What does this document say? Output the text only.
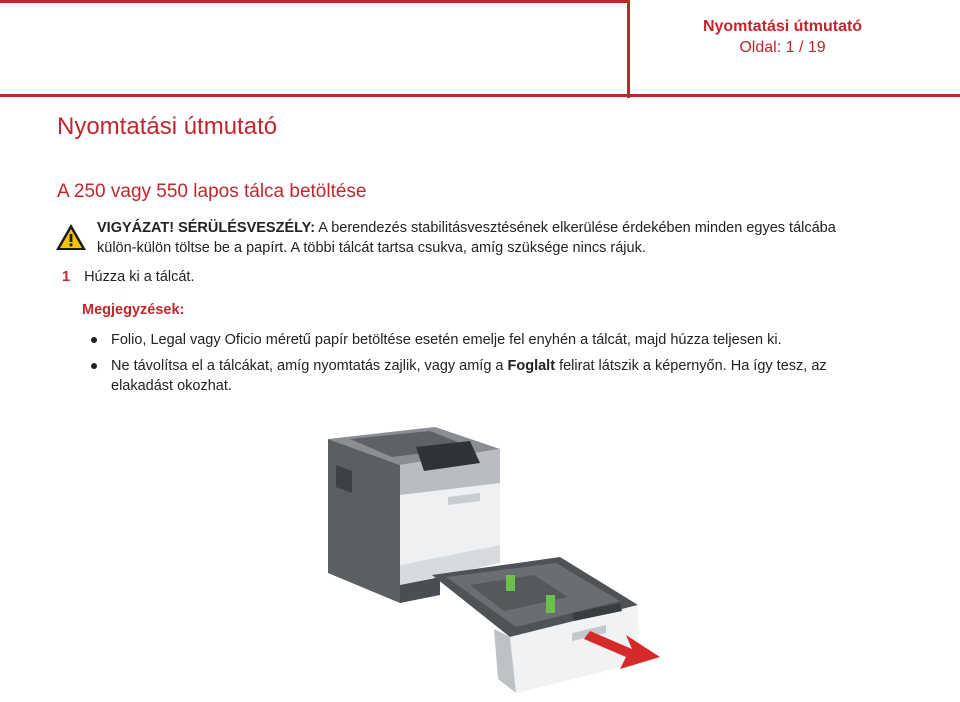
Nyomtatási útmutató
Oldal: 1 / 19
Nyomtatási útmutató
A 250 vagy 550 lapos tálca betöltése
VIGYÁZAT! SÉRÜLÉSVESZÉLY: A berendezés stabilitásvesztésének elkerülése érdekében minden egyes tálcába külön-külön töltse be a papírt. A többi tálcát tartsa csukva, amíg szüksége nincs rájuk.
1 Húzza ki a tálcát.
Megjegyzések:
Folio, Legal vagy Oficio méretű papír betöltése esetén emelje fel enyhén a tálcát, majd húzza teljesen ki.
Ne távolítsa el a tálcákat, amíg nyomtatás zajlik, vagy amíg a Foglalt felirat látszik a képernyőn. Ha így tesz, az elakadást okozhat.
